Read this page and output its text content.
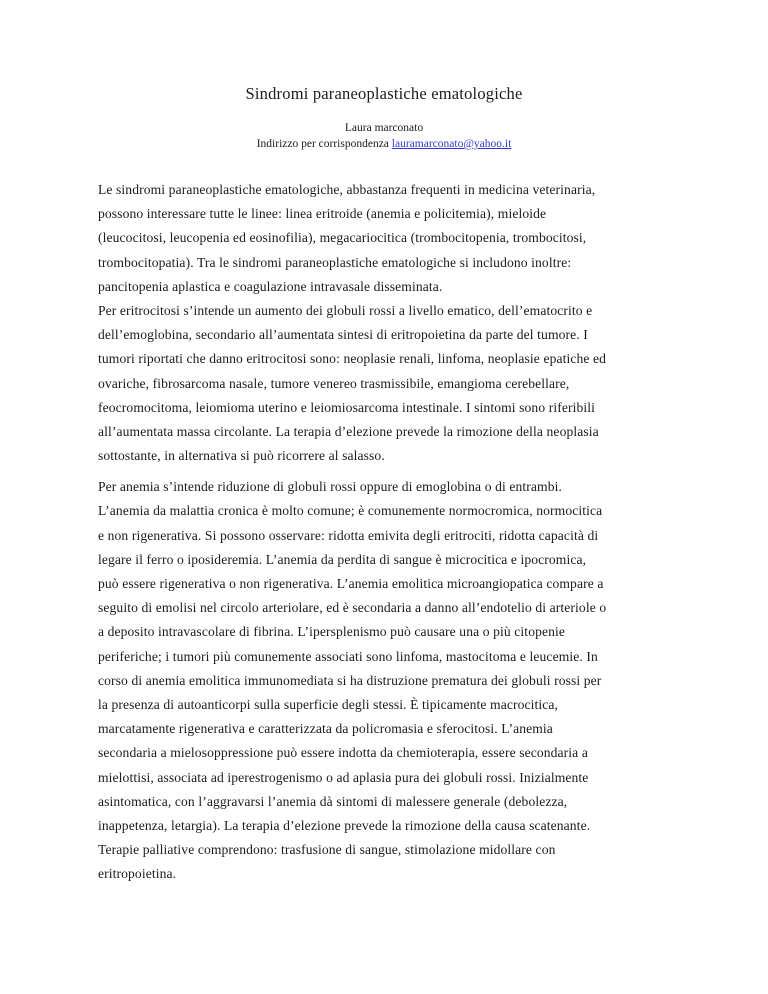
Sindromi paraneoplastiche ematologiche
Laura marconato
Indirizzo per corrispondenza lauramarconato@yahoo.it
Le sindromi paraneoplastiche ematologiche, abbastanza frequenti in medicina veterinaria,
possono interessare tutte le linee: linea eritroide (anemia e policitemia), mieloide
(leucocitosi, leucopenia ed eosinofilia), megacariocitica (trombocitopenia, trombocitosi,
trombocitopatia). Tra le sindromi paraneoplastiche ematologiche si includono inoltre:
pancitopenia aplastica e coagulazione intravasale disseminata.
Per eritrocitosi s’intende un aumento dei globuli rossi a livello ematico, dell’ematocrito e
dell’emoglobina, secondario all’aumentata sintesi di eritropoietina da parte del tumore. I
tumori riportati che danno eritrocitosi sono: neoplasie renali, linfoma, neoplasie epatiche ed
ovariche, fibrosarcoma nasale, tumore venereo trasmissibile, emangioma cerebellare,
feocromocitoma, leiomioma uterino e leiomiosarcoma intestinale. I sintomi sono riferibili
all’aumentata massa circolante. La terapia d’elezione prevede la rimozione della neoplasia
sottostante, in alternativa si può ricorrere al salasso.
Per anemia s’intende riduzione di globuli rossi oppure di emoglobina o di entrambi.
L’anemia da malattia cronica è molto comune; è comunemente normocromica, normocitica
e non rigenerativa. Si possono osservare: ridotta emivita degli eritrociti, ridotta capacità di
legare il ferro o iposideremia. L’anemia da perdita di sangue è microcitica e ipocromica,
può essere rigenerativa o non rigenerativa. L’anemia emolitica microangiopatica compare a
seguito di emolisi nel circolo arteriolare, ed è secondaria a danno all’endotelio di arteriole o
a deposito intravascolare di fibrina. L’ipersplenismo può causare una o più citopenie
periferiche; i tumori più comunemente associati sono linfoma, mastocitoma e leucemie. In
corso di anemia emolitica immunomediata si ha distruzione prematura dei globuli rossi per
la presenza di autoanticorpi sulla superficie degli stessi. È tipicamente macrocitica,
marcatamente rigenerativa e caratterizzata da policromasia e sferocitosi. L’anemia
secondaria a mielosoppressione può essere indotta da chemioterapia, essere secondaria a
mielottisi, associata ad iperestrogenismo o ad aplasia pura dei globuli rossi. Inizialmente
asintomatica, con l’aggravarsi l’anemia dà sintomi di malessere generale (debolezza,
inappetenza, letargia). La terapia d’elezione prevede la rimozione della causa scatenante.
Terapie palliative comprendono: trasfusione di sangue, stimolazione midollare con
eritropoietina.
